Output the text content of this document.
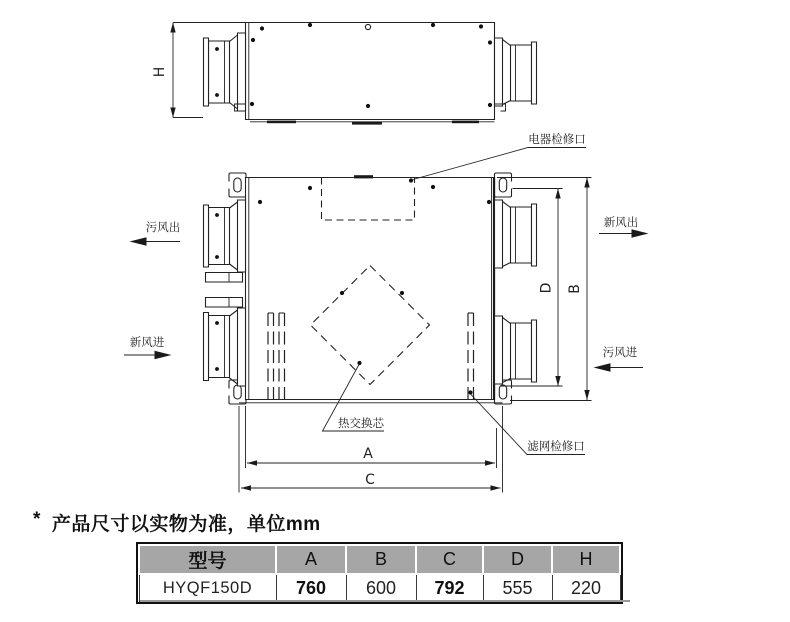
H
B
D
A
C
电器检修口
热交换芯
滤网检修口
污风出
新风进
新风出
污风进
* 产品尺寸以实物为准，单位mm
型号	A	B	C	D	H
HYQF150D	760	600	792	555	220
